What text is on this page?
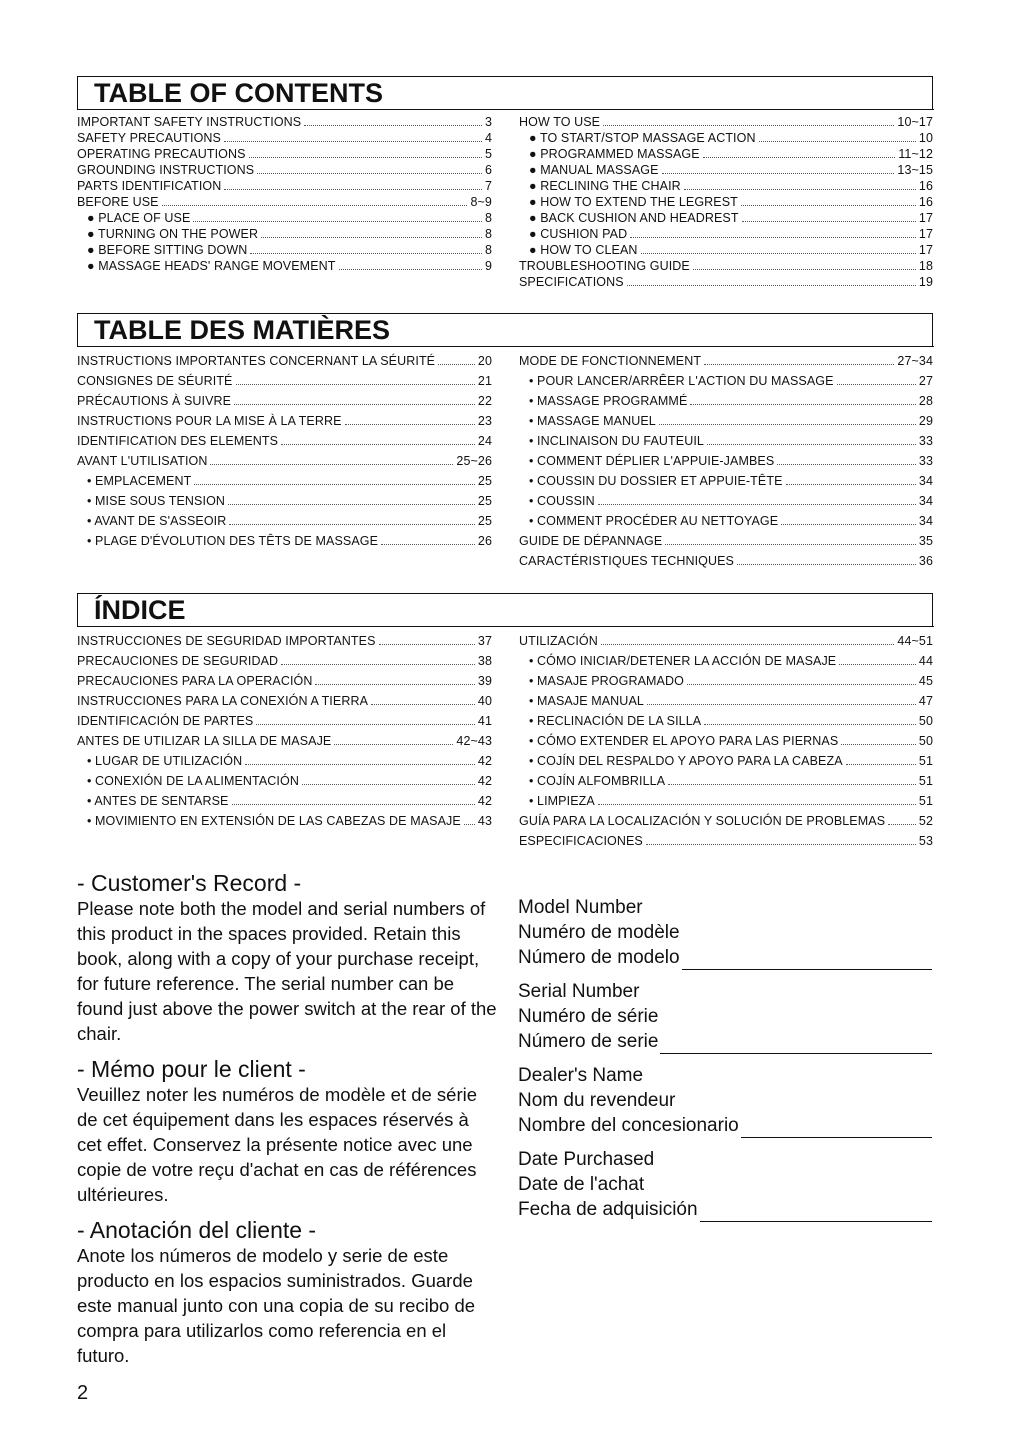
TABLE OF CONTENTS
IMPORTANT SAFETY INSTRUCTIONS	3
SAFETY PRECAUTIONS	4
OPERATING PRECAUTIONS	5
GROUNDING INSTRUCTIONS	6
PARTS IDENTIFICATION	7
BEFORE USE	8~9
● PLACE OF USE	8
● TURNING ON THE POWER	8
● BEFORE SITTING DOWN	8
● MASSAGE HEADS' RANGE MOVEMENT	9
HOW TO USE	10~17
● TO START/STOP MASSAGE ACTION	10
● PROGRAMMED MASSAGE	11~12
● MANUAL MASSAGE	13~15
● RECLINING THE CHAIR	16
● HOW TO EXTEND THE LEGREST	16
● BACK CUSHION AND HEADREST	17
● CUSHION PAD	17
● HOW TO CLEAN	17
TROUBLESHOOTING GUIDE	18
SPECIFICATIONS	19
TABLE DES MATIÈRES
INSTRUCTIONS IMPORTANTES CONCERNANT LA SÉURITÉ	20
CONSIGNES DE SÉURITÉ	21
PRÉCAUTIONS À SUIVRE	22
INSTRUCTIONS POUR LA MISE À LA TERRE	23
IDENTIFICATION DES ELEMENTS	24
AVANT L'UTILISATION	25~26
• EMPLACEMENT	25
• MISE SOUS TENSION	25
• AVANT DE S'ASSEOIR	25
• PLAGE D'ÉVOLUTION DES TÊTS DE MASSAGE	26
MODE DE FONCTIONNEMENT	27~34
• POUR LANCER/ARRÊER L'ACTION DU MASSAGE	27
• MASSAGE PROGRAMMÉ	28
• MASSAGE MANUEL	29
• INCLINAISON DU FAUTEUIL	33
• COMMENT DÉPLIER L'APPUIE-JAMBES	33
• COUSSIN DU DOSSIER ET APPUIE-TÊTE	34
• COUSSIN	34
• COMMENT PROCÉDER AU NETTOYAGE	34
GUIDE DE DÉPANNAGE	35
CARACTÉRISTIQUES TECHNIQUES	36
ÍNDICE
INSTRUCCIONES DE SEGURIDAD IMPORTANTES	37
PRECAUCIONES DE SEGURIDAD	38
PRECAUCIONES PARA LA OPERACIÓN	39
INSTRUCCIONES PARA LA CONEXIÓN A TIERRA	40
IDENTIFICACIÓN DE PARTES	41
ANTES DE UTILIZAR LA SILLA DE MASAJE	42~43
• LUGAR DE UTILIZACIÓN	42
• CONEXIÓN DE LA ALIMENTACIÓN	42
• ANTES DE SENTARSE	42
• MOVIMIENTO EN EXTENSIÓN DE LAS CABEZAS DE MASAJE 43
UTILIZACIÓN	44~51
• CÓMO INICIAR/DETENER LA ACCIÓN DE MASAJE	44
• MASAJE PROGRAMADO	45
• MASAJE MANUAL	47
• RECLINACIÓN DE LA SILLA	50
• CÓMO EXTENDER EL APOYO PARA LAS PIERNAS	50
• COJÍN DEL RESPALDO Y APOYO PARA LA CABEZA	51
• COJÍN ALFOMBRILLA	51
• LIMPIEZA	51
GUÍA PARA LA LOCALIZACIÓN Y SOLUCIÓN DE PROBLEMAS	52
ESPECIFICACIONES	53
- Customer's Record -
Please note both the model and serial numbers of this product in the spaces provided. Retain this book, along with a copy of your purchase receipt, for future reference. The serial number can be found just above the power switch at the rear of the chair.
- Mémo pour le client -
Veuillez noter les numéros de modèle et de série de cet équipement dans les espaces réservés à cet effet. Conservez la présente notice avec une copie de votre reçu d'achat en cas de références ultérieures.
- Anotación del cliente -
Anote los números de modelo y serie de este producto en los espacios suministrados. Guarde este manual junto con una copia de su recibo de compra para utilizarlos como referencia en el futuro.
Model Number
Numéro de modèle
Número de modelo
Serial Number
Numéro de série
Número de serie
Dealer's Name
Nom du revendeur
Nombre del concesionario
Date Purchased
Date de l'achat
Fecha de adquisición
2
